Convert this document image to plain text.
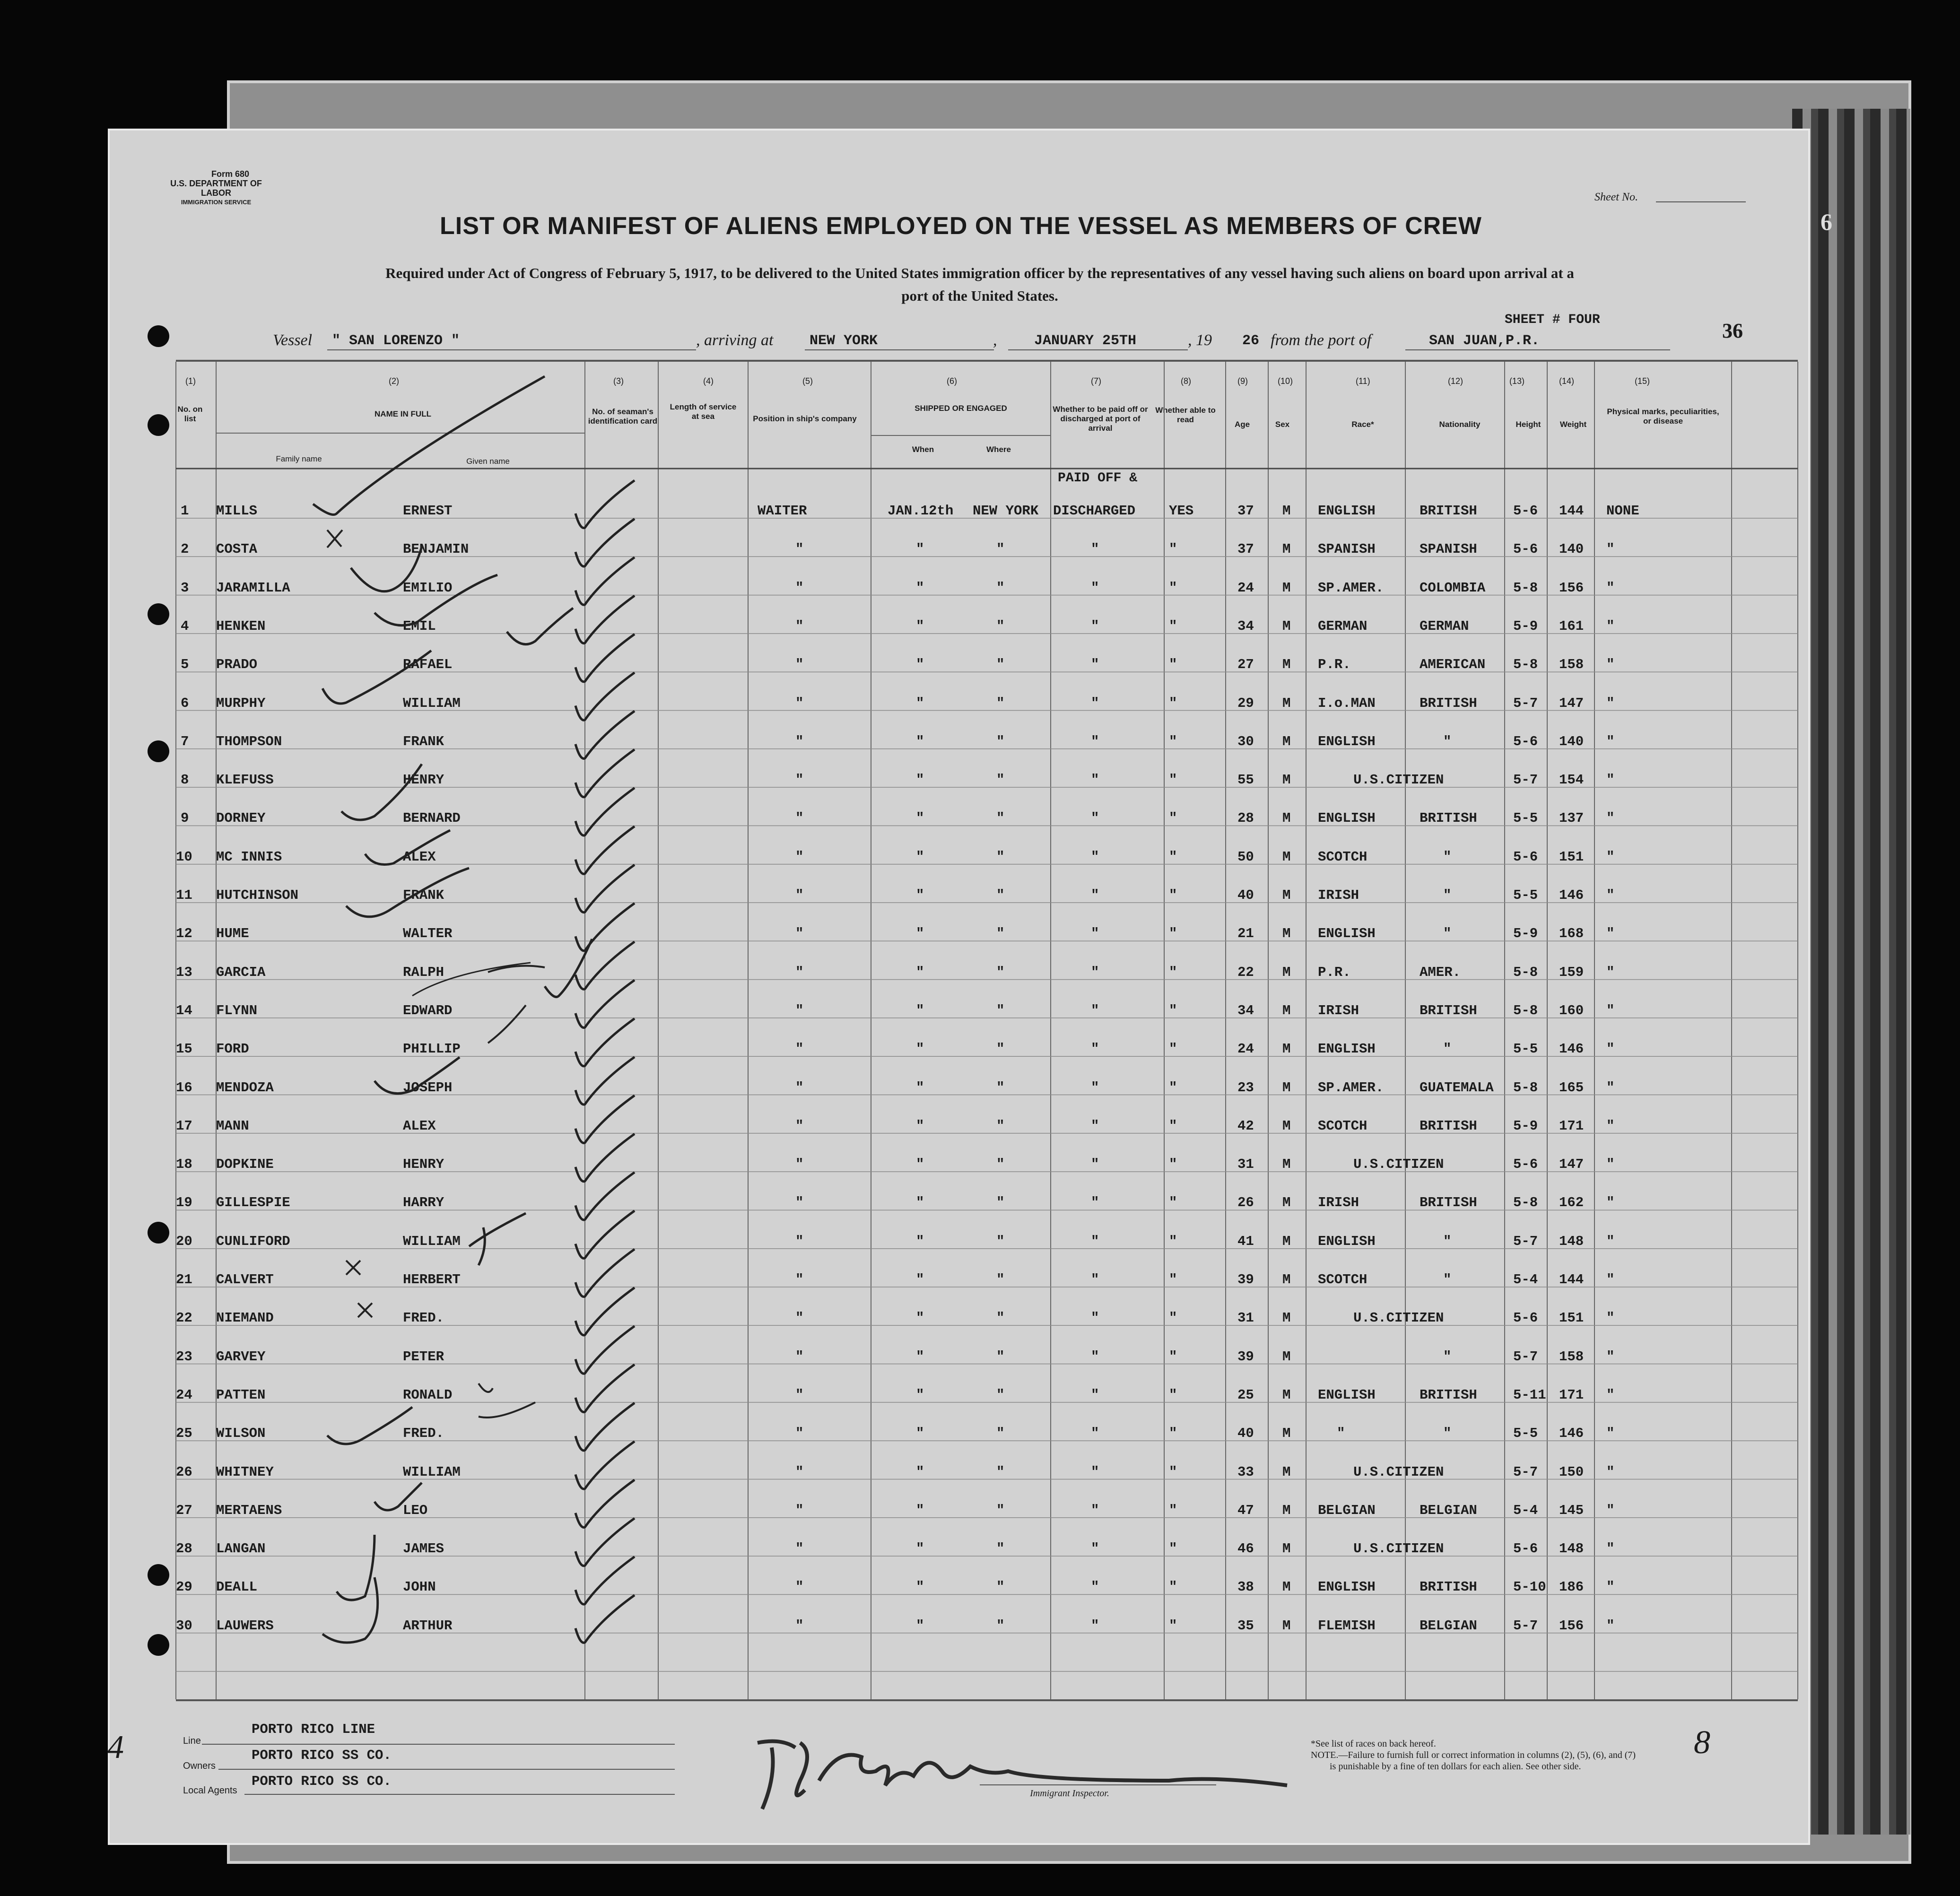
Form 680
U.S. DEPARTMENT OF LABOR
IMMIGRATION SERVICE	Sheet No.
LIST OR MANIFEST OF ALIENS EMPLOYED ON THE VESSEL AS MEMBERS OF CREW
Required under Act of Congress of February 5, 1917, to be delivered to the United States immigration officer by the representatives of any vessel having such aliens on board upon arrival at a
port of the United States.
SHEET # FOUR	36
Vessel " SAN LORENZO "	, arriving at	NEW YORK	,	JANUARY 25TH	, 19 26 from the port of	SAN JUAN,P.R.
(1)	(2)	(3)	(4)	(5)	(6)	(7)	(8)	(9)	(10)	(11)	(12)	(13)	(14)	(15)
No. on list
NAME IN FULL
Family name	Given name
No. of seaman's identification card
Length of service at sea	Position in ship's company
SHIPPED OR ENGAGED
When	Where
Whether to be paid off or discharged at port of arrival
Whether able to read
Age	Sex	Race*	Nationality	Height	Weight
Physical marks, peculiarities, or disease
PAID OFF &
1 MILLS	ERNEST	WAITER	JAN.12th NEW YORK DISCHARGED YES	37 M ENGLISH	BRITISH	5-6 144 NONE
2 COSTA	BENJAMIN	"	"	"	"	"	37 M SPANISH	SPANISH	5-6 140 "
3 JARAMILLA	EMILIO	"	"	"	"	"	24 M SP.AMER.	COLOMBIA 5-8 156 "
4 HENKEN	EMIL	"	"	"	"	"	34 M GERMAN	GERMAN	5-9 161 "
5 PRADO	RAFAEL	"	"	"	"	"	27 M P.R.	AMERICAN 5-8 158 "
6 MURPHY	WILLIAM	"	"	"	"	"	29 M I.o.MAN	BRITISH	5-7 147 "
7 THOMPSON	FRANK	"	"	"	"	"	30 M ENGLISH	"	5-6 140 "
8 KLEFUSS	HENRY	"	"	"	"	"	55 M	U.S.CITIZEN	5-7 154 "
9 DORNEY	BERNARD	"	"	"	"	"	28 M ENGLISH	BRITISH	5-5 137 "
10 MC INNIS	ALEX	"	"	"	"	"	50 M SCOTCH	"	5-6 151 "
11 HUTCHINSON	FRANK	"	"	"	"	"	40 M IRISH	"	5-5 146 "
12 HUME	WALTER	"	"	"	"	"	21 M ENGLISH	"	5-9 168 "
13 GARCIA	RALPH	"	"	"	"	"	22 M P.R.	AMER.	5-8 159 "
14 FLYNN	EDWARD	"	"	"	"	"	34 M IRISH	BRITISH	5-8 160 "
15 FORD	PHILLIP	"	"	"	"	"	24 M ENGLISH	"	5-5 146 "
16 MENDOZA	JOSEPH	"	"	"	"	"	23 M SP.AMER.	GUATEMALA 5-8 165 "
17 MANN	ALEX	"	"	"	"	"	42 M SCOTCH	BRITISH	5-9 171 "
18 DOPKINE	HENRY	"	"	"	"	"	31 M	U.S.CITIZEN	5-6 147 "
19 GILLESPIE	HARRY	"	"	"	"	"	26 M IRISH	BRITISH	5-8 162 "
20 CUNLIFORD	WILLIAM	"	"	"	"	"	41 M ENGLISH	"	5-7 148 "
21 CALVERT	HERBERT	"	"	"	"	"	39 M SCOTCH	"	5-4 144 "
22 NIEMAND	FRED.	"	"	"	"	"	31 M	U.S.CITIZEN	5-6 151 "
23 GARVEY	PETER	"	"	"	"	"	39 M	"	5-7 158 "
24 PATTEN	RONALD	"	"	"	"	"	25 M ENGLISH	BRITISH	5-11 171 "
25 WILSON	FRED.	"	"	"	"	"	40 M	"	"	5-5 146 "
26 WHITNEY	WILLIAM	"	"	"	"	"	33 M	U.S.CITIZEN	5-7 150 "
27 MERTAENS	LEO	"	"	"	"	"	47 M BELGIAN	BELGIAN	5-4 145 "
28 LANGAN	JAMES	"	"	"	"	"	46 M	U.S.CITIZEN	5-6 148 "
29 DEALL	JOHN	"	"	"	"	"	38 M ENGLISH	BRITISH	5-10 186 "
30 LAUWERS	ARTHUR	"	"	"	"	"	35 M FLEMISH	BELGIAN	5-7 156 "
Line
PORTO RICO LINE
Owners
PORTO RICO SS CO.
Local Agents
PORTO RICO SS CO.
Immigrant Inspector.
*See list of races on back hereof.
NOTE.—Failure to furnish full or correct information in columns (2), (5), (6), and (7)
is punishable by a fine of ten dollars for each alien. See other side.
8
4
6
